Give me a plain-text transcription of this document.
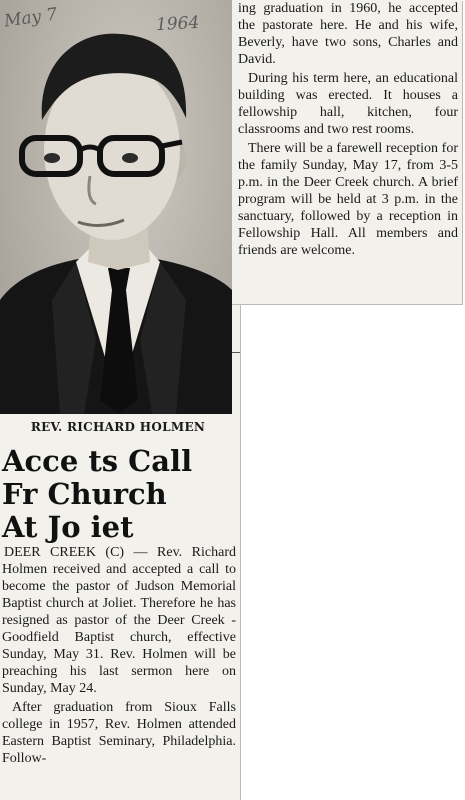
May 7	1964
REV. RICHARD HOLMEN
Acce ts Call
Fr Church
At Jo iet

DEER CREEK (C) — Rev. Richard Holmen received and accepted a call to become the pastor of Judson Memorial Baptist church at Joliet. Therefore he has resigned as pastor of the Deer Creek - Goodfield Baptist church, effective Sunday, May 31. Rev. Holmen will be preaching his last sermon here on Sunday, May 24.

After graduation from Sioux Falls college in 1957, Rev. Holmen attended Eastern Baptist Seminary, Philadelphia. Follow-

ing graduation in 1960, he accepted the pastorate here. He and his wife, Beverly, have two sons, Charles and David.

During his term here, an educational building was erected. It houses a fellowship hall, kitchen, four classrooms and two rest rooms.

There will be a farewell reception for the family Sunday, May 17, from 3-5 p.m. in the Deer Creek church. A brief program will be held at 3 p.m. in the sanctuary, followed by a reception in Fellowship Hall. All members and friends are welcome.
